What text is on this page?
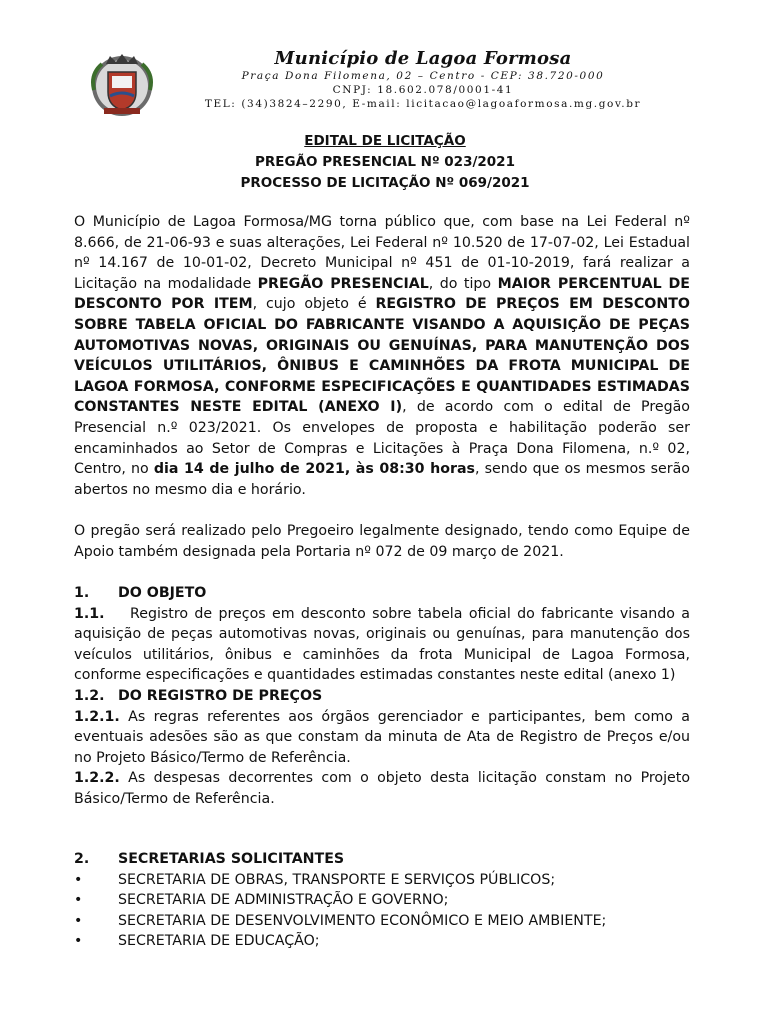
Município de Lagoa Formosa
Praça Dona Filomena, 02 – Centro - CEP: 38.720-000
CNPJ: 18.602.078/0001-41
TEL: (34)3824–2290, E-mail: licitacao@lagoaformosa.mg.gov.br
EDITAL DE LICITAÇÃO
PREGÃO PRESENCIAL Nº 023/2021
PROCESSO DE LICITAÇÃO Nº 069/2021
O Município de Lagoa Formosa/MG torna público que, com base na Lei Federal nº 8.666, de 21-06-93 e suas alterações, Lei Federal nº 10.520 de 17-07-02, Lei Estadual nº 14.167 de 10-01-02, Decreto Municipal nº 451 de 01-10-2019, fará realizar a Licitação na modalidade PREGÃO PRESENCIAL, do tipo MAIOR PERCENTUAL DE DESCONTO POR ITEM, cujo objeto é REGISTRO DE PREÇOS EM DESCONTO SOBRE TABELA OFICIAL DO FABRICANTE VISANDO A AQUISIÇÃO DE PEÇAS AUTOMOTIVAS NOVAS, ORIGINAIS OU GENUÍNAS, PARA MANUTENÇÃO DOS VEÍCULOS UTILITÁRIOS, ÔNIBUS E CAMINHÕES DA FROTA MUNICIPAL DE LAGOA FORMOSA, CONFORME ESPECIFICAÇÕES E QUANTIDADES ESTIMADAS CONSTANTES NESTE EDITAL (ANEXO I), de acordo com o edital de Pregão Presencial n.º 023/2021. Os envelopes de proposta e habilitação poderão ser encaminhados ao Setor de Compras e Licitações à Praça Dona Filomena, n.º 02, Centro, no dia 14 de julho de 2021, às 08:30 horas, sendo que os mesmos serão abertos no mesmo dia e horário.
O pregão será realizado pelo Pregoeiro legalmente designado, tendo como Equipe de Apoio também designada pela Portaria nº 072 de 09 março de 2021.
1. DO OBJETO
1.1. Registro de preços em desconto sobre tabela oficial do fabricante visando a aquisição de peças automotivas novas, originais ou genuínas, para manutenção dos veículos utilitários, ônibus e caminhões da frota Municipal de Lagoa Formosa, conforme especificações e quantidades estimadas constantes neste edital (anexo 1)
1.2. DO REGISTRO DE PREÇOS
1.2.1. As regras referentes aos órgãos gerenciador e participantes, bem como a eventuais adesões são as que constam da minuta de Ata de Registro de Preços e/ou no Projeto Básico/Termo de Referência.
1.2.2. As despesas decorrentes com o objeto desta licitação constam no Projeto Básico/Termo de Referência.
2. SECRETARIAS SOLICITANTES
•	SECRETARIA DE OBRAS, TRANSPORTE E SERVIÇOS PÚBLICOS;
•	SECRETARIA DE ADMINISTRAÇÃO E GOVERNO;
•	SECRETARIA DE DESENVOLVIMENTO ECONÔMICO E MEIO AMBIENTE;
•	SECRETARIA DE EDUCAÇÃO;
